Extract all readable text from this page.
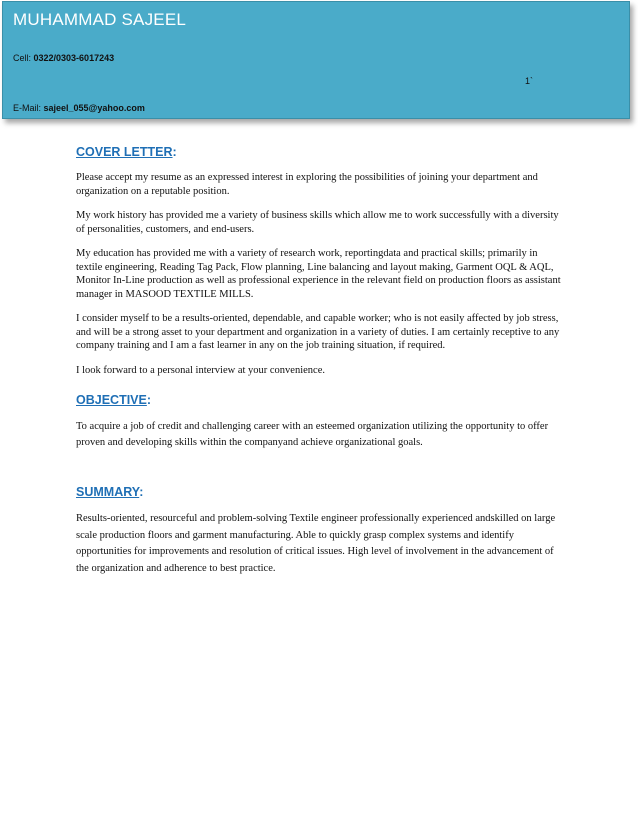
MUHAMMAD SAJEEL
Cell: 0322/0303-6017243
1`
E-Mail: sajeel_055@yahoo.com
COVER LETTER:

Please accept my resume as an expressed interest in exploring the possibilities of joining your department and organization on a reputable position.

My work history has provided me a variety of business skills which allow me to work successfully with a diversity of personalities, customers, and end-users.

My education has provided me with a variety of research work, reportingdata and practical skills; primarily in textile engineering, Reading Tag Pack, Flow planning, Line balancing and layout making, Garment OQL & AQL, Monitor In-Line production as well as professional experience in the relevant field on production floors as assistant manager in MASOOD TEXTILE MILLS.

I consider myself to be a results-oriented, dependable, and capable worker; who is not easily affected by job stress, and will be a strong asset to your department and organization in a variety of duties. I am certainly receptive to any company training and I am a fast learner in any on the job training situation, if required.

I look forward to a personal interview at your convenience.

OBJECTIVE:

To acquire a job of credit and challenging career with an esteemed organization utilizing the opportunity to offer proven and developing skills within the companyand achieve organizational goals.

SUMMARY:

Results-oriented, resourceful and problem-solving Textile engineer professionally experienced andskilled on large scale production floors and garment manufacturing. Able to quickly grasp complex systems and identify opportunities for improvements and resolution of critical issues. High level of involvement in the advancement of the organization and adherence to best practice.
